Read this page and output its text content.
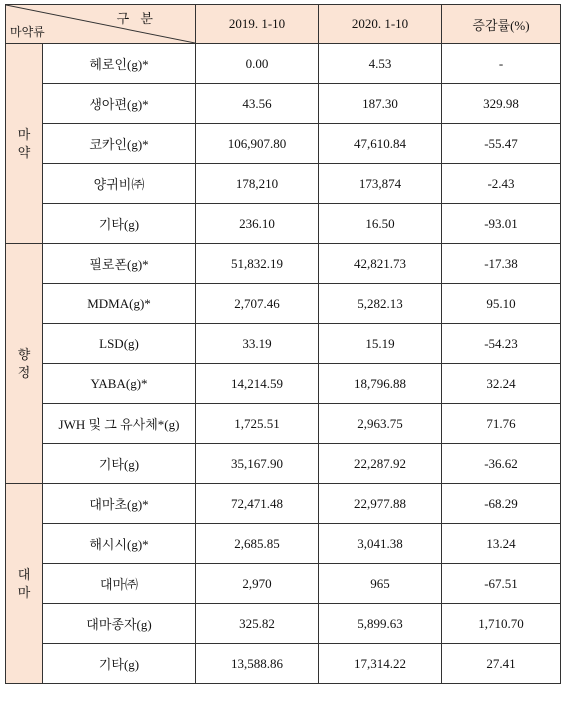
구 분
마약류		2019. 1-10	2020. 1-10	증감률(%)

마
약	헤로인(g)*	0.00	4.53	-
	생아편(g)*	43.56	187.30	329.98
	코카인(g)*	106,907.80	47,610.84	-55.47
	양귀비㈜	178,210	173,874	-2.43
	기타(g)	236.10	16.50	-93.01

향
정	필로폰(g)*	51,832.19	42,821.73	-17.38
	MDMA(g)*	2,707.46	5,282.13	95.10
	LSD(g)	33.19	15.19	-54.23
	YABA(g)*	14,214.59	18,796.88	32.24
	JWH 및 그 유사체*(g)	1,725.51	2,963.75	71.76
	기타(g)	35,167.90	22,287.92	-36.62

대
마	대마초(g)*	72,471.48	22,977.88	-68.29
	해시시(g)*	2,685.85	3,041.38	13.24
	대마㈜	2,970	965	-67.51
	대마종자(g)	325.82	5,899.63	1,710.70
	기타(g)	13,588.86	17,314.22	27.41
